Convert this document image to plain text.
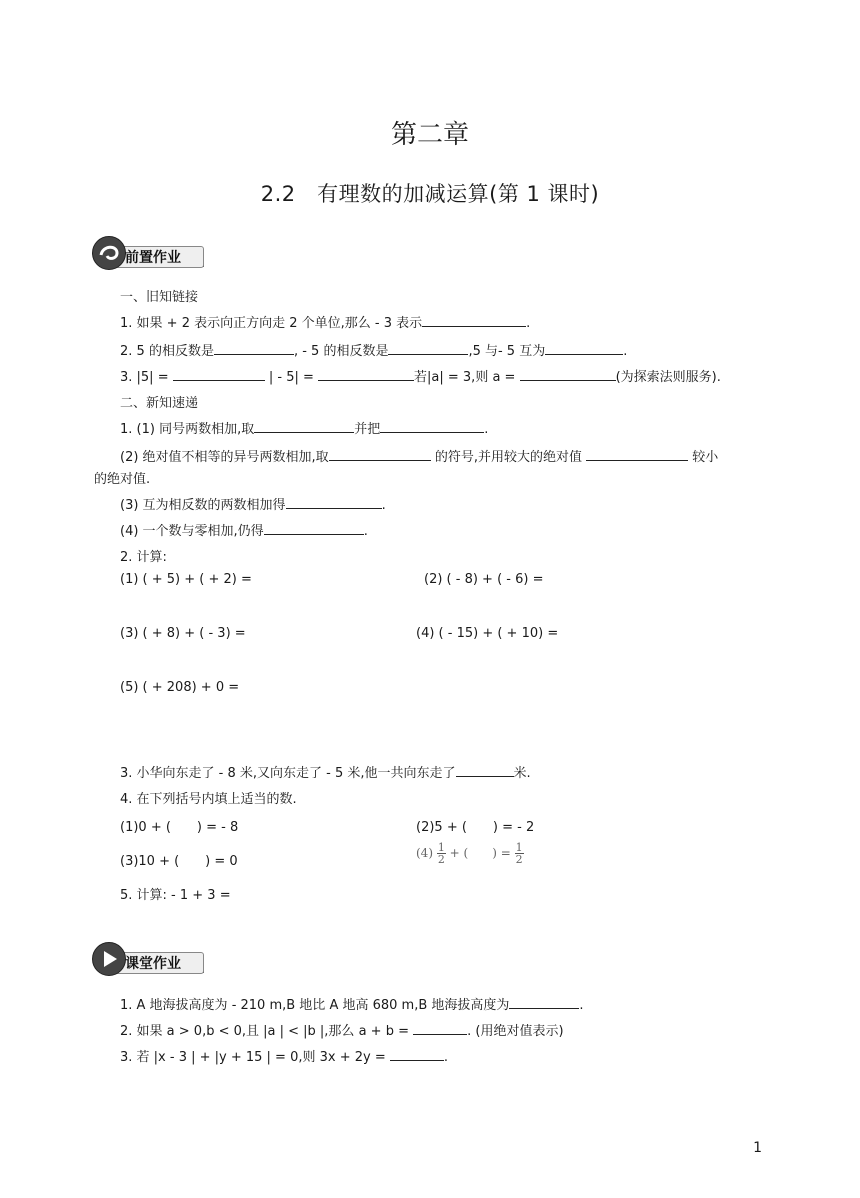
第二章
2.2　有理数的加减运算(第 1 课时)
前置作业
一、旧知链接
1. 如果 + 2 表示向正方向走 2 个单位,那么 - 3 表示	.
2. 5 的相反数是	, - 5 的相反数是	,5 与- 5 互为	.
3. |5| =	| - 5| =	若|a| = 3,则 a =	(为探索法则服务).
二、新知速递
1. (1) 同号两数相加,取	并把	.
(2) 绝对值不相等的异号两数相加,取	的符号,并用较大的绝对值	较小
的绝对值.
(3) 互为相反数的两数相加得	.
(4) 一个数与零相加,仍得	.
2. 计算:
(1) ( + 5) + ( + 2) =	(2) ( - 8) + ( - 6) =
(3) ( + 8) + ( - 3) =	(4) ( - 15) + ( + 10) =
(5) ( + 208) + 0 =
3. 小华向东走了 - 8 米,又向东走了 - 5 米,他一共向东走了	米.
4. 在下列括号内填上适当的数.
(1)0 + (　　) = - 8	(2)5 + (　　) = - 2
(3)10 + (　　) = 0
$(4) \frac{1}{2}$ + (　　) = $\frac{1}{2}$
5. 计算: - 1 + 3 =
课堂作业
1. A 地海拔高度为 - 210 m,B 地比 A 地高 680 m,B 地海拔高度为	.
2. 如果 a > 0,b < 0,且 |a | < |b |,那么 a + b =	. (用绝对值表示)
3. 若 |x - 3 | + |y + 15 | = 0,则 3x + 2y =	.
1
